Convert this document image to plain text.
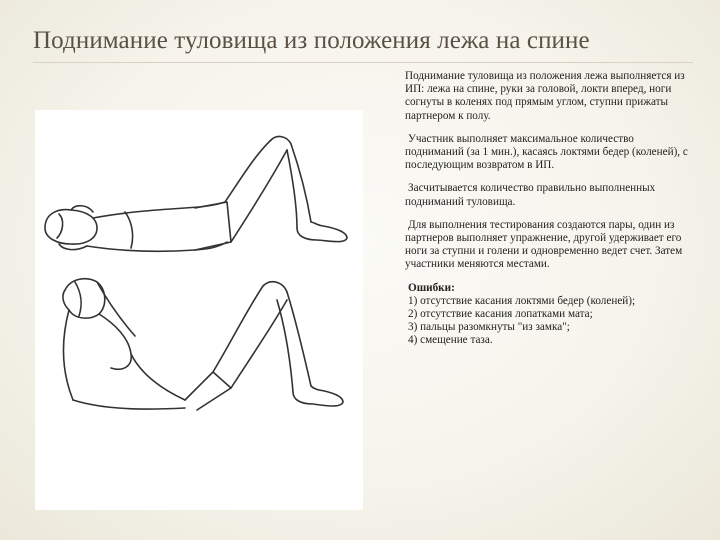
Поднимание туловища из положения лежа на спине
Поднимание туловища из положения лежа выполняется из ИП: лежа на спине, руки за головой, локти вперед, ноги согнуты в коленях под прямым углом, ступни прижаты партнером к полу.
Участник выполняет максимальное количество подниманий (за 1 мин.), касаясь локтями бедер (коленей), с последующим возвратом в ИП.
Засчитывается количество правильно выполненных подниманий туловища.
Для выполнения тестирования создаются пары, один из партнеров выполняет упражнение, другой удерживает его ноги за ступни и голени и одновременно ведет счет. Затем участники меняются местами.
Ошибки:
1) отсутствие касания локтями бедер (коленей);
2) отсутствие касания лопатками мата;
3) пальцы разомкнуты "из замка";
4) смещение таза.
